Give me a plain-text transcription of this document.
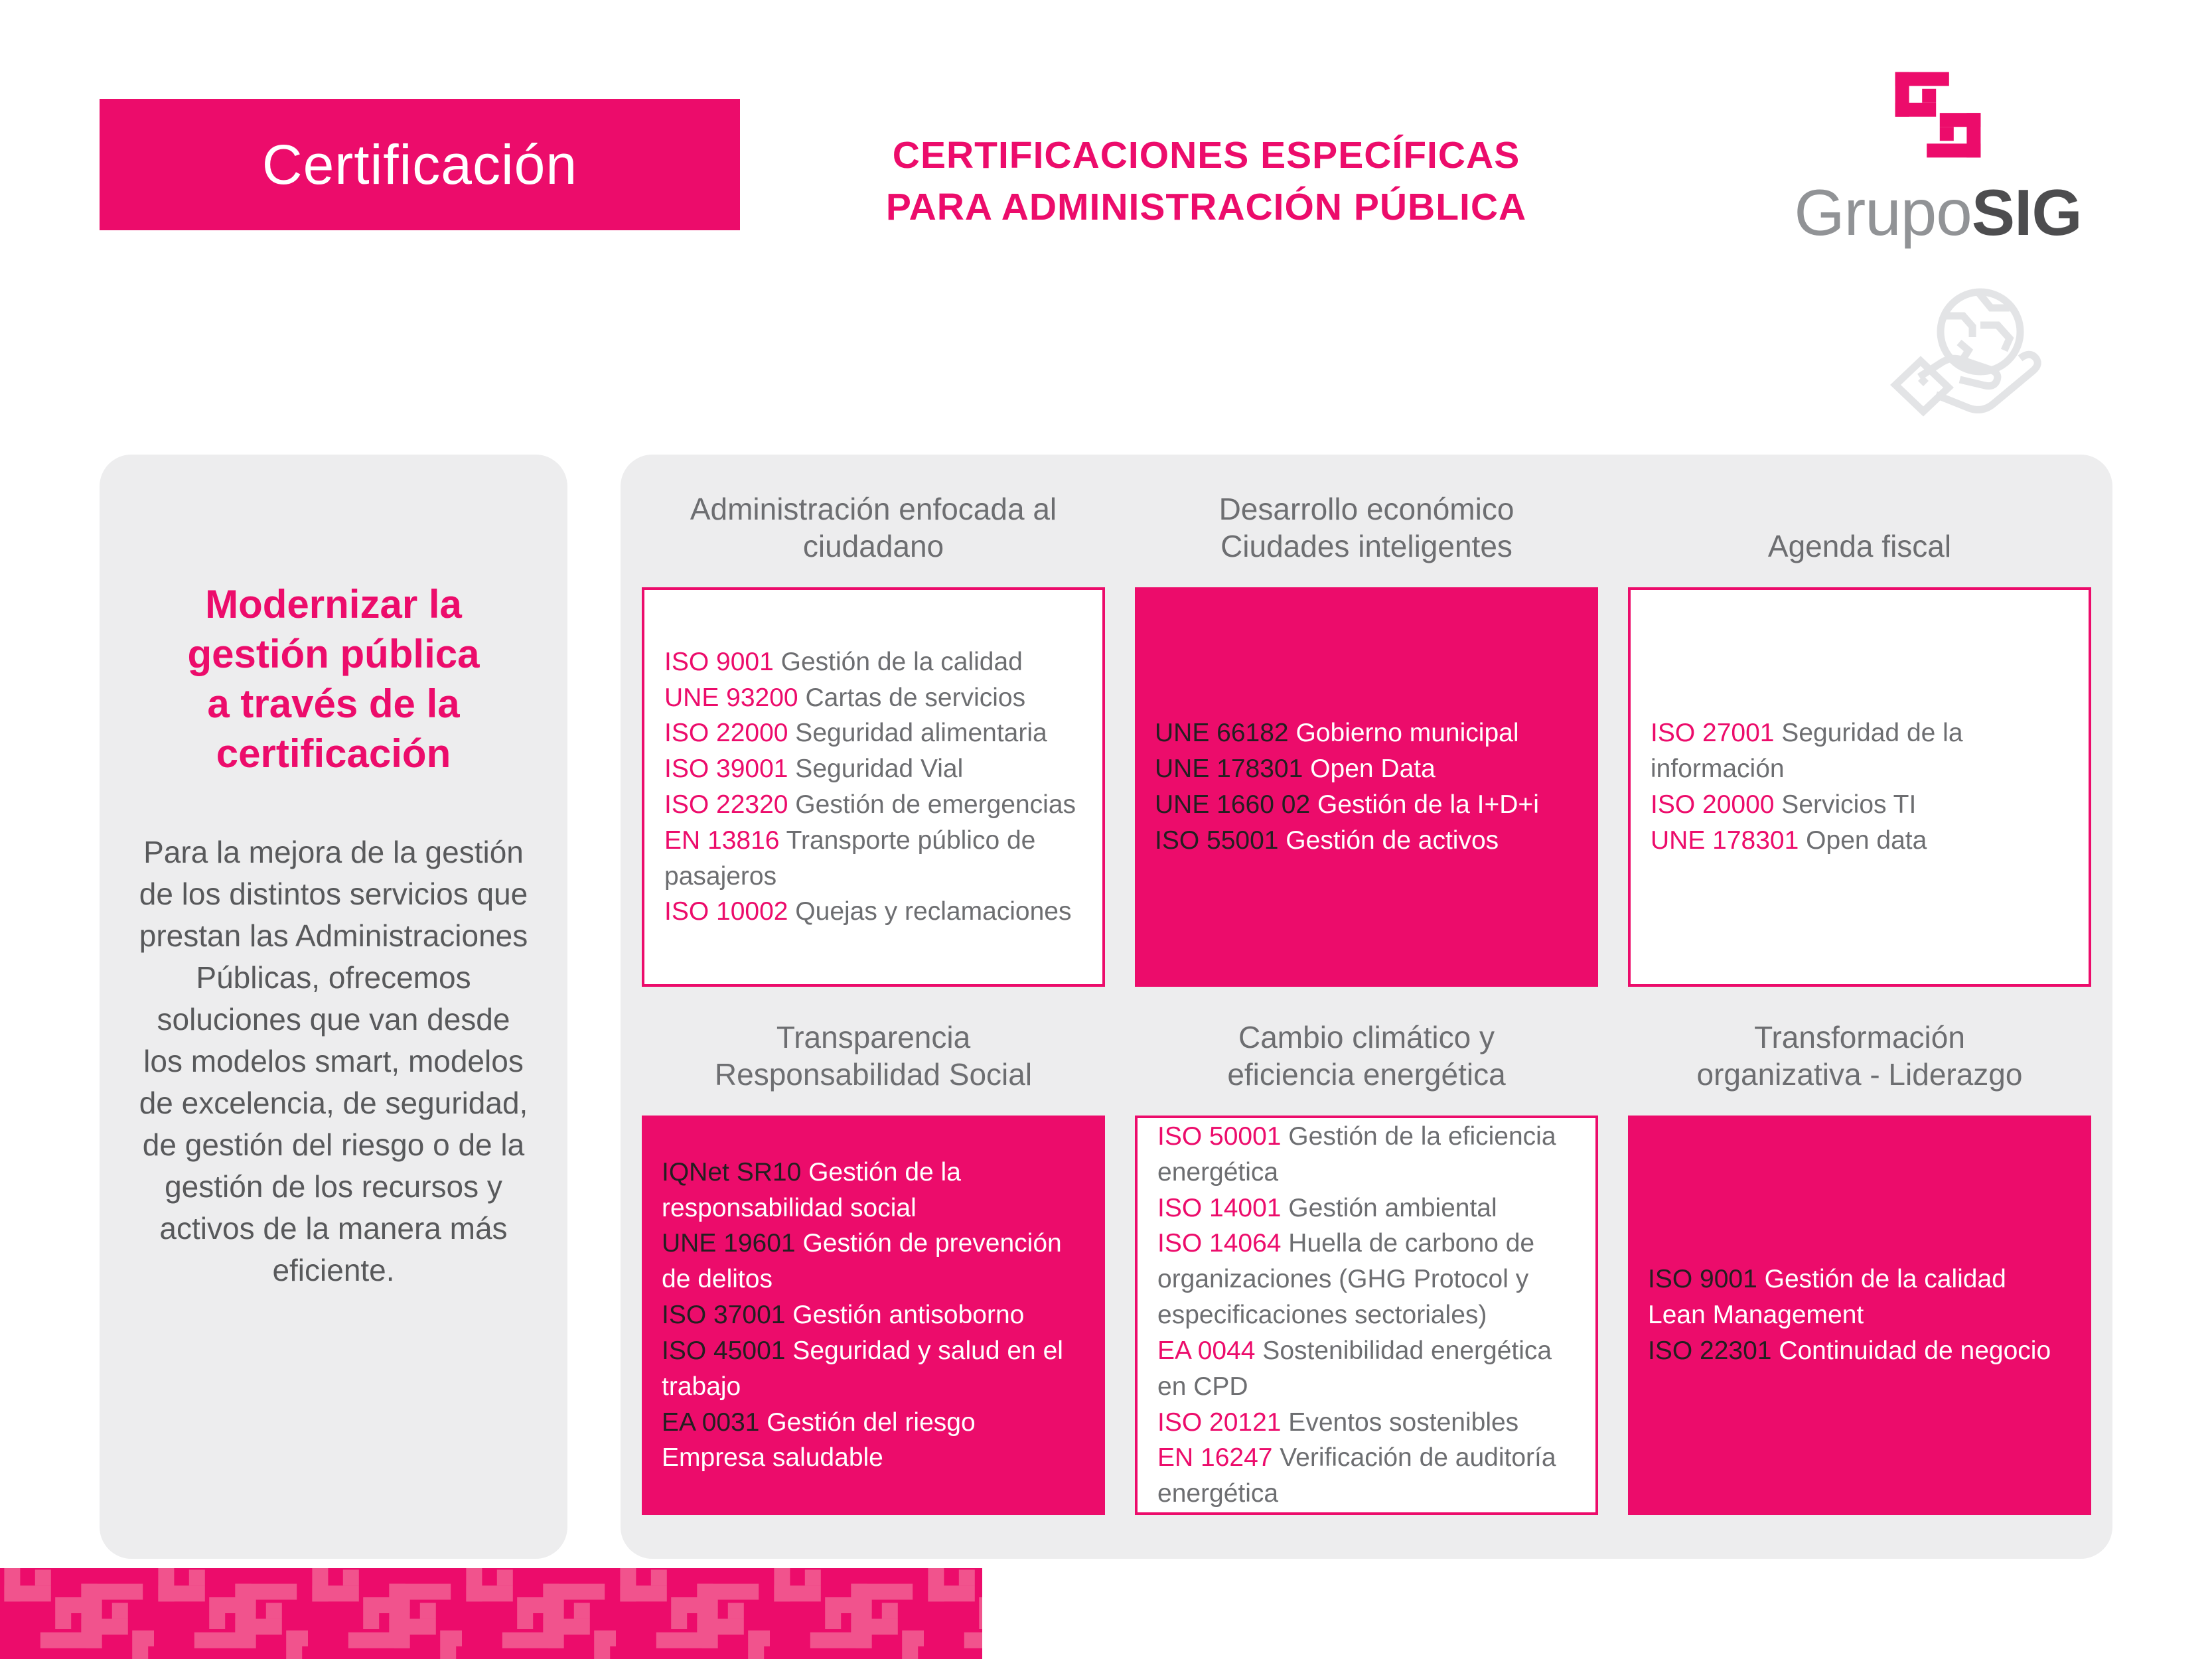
Certificación	CERTIFICACIONES ESPECÍFICAS
PARA ADMINISTRACIÓN PÚBLICA	GrupoSIG
Modernizar la
gestión pública
a través de la
certificación

Para la mejora de la gestión de los distintos servicios que prestan las Administraciones Públicas, ofrecemos soluciones que van desde los modelos smart, modelos de excelencia, de seguridad, de gestión del riesgo o de la gestión de los recursos y activos de la manera más eficiente.

Administración enfocada al
ciudadano
ISO 9001 Gestión de la calidad
UNE 93200 Cartas de servicios
ISO 22000 Seguridad alimentaria
ISO 39001 Seguridad Vial
ISO 22320 Gestión de emergencias
EN 13816 Transporte público de pasajeros
ISO 10002 Quejas y reclamaciones
Transparencia
Responsabilidad Social
IQNet SR10 Gestión de la responsabilidad social
UNE 19601 Gestión de prevención de delitos
ISO 37001 Gestión antisoborno
ISO 45001 Seguridad y salud en el trabajo
EA 0031 Gestión del riesgo
Empresa saludable
Desarrollo económico
Ciudades inteligentes
UNE 66182 Gobierno municipal
UNE 178301 Open Data
UNE 1660 02 Gestión de la I+D+i
ISO 55001 Gestión de activos
Cambio climático y
eficiencia energética
ISO 50001 Gestión de la eficiencia energética
ISO 14001 Gestión ambiental
ISO 14064 Huella de carbono de organizaciones (GHG Protocol y especificaciones sectoriales)
EA 0044 Sostenibilidad energética en CPD
ISO 20121 Eventos sostenibles
EN 16247 Verificación de auditoría energética
Agenda fiscal
ISO 27001 Seguridad de la información
ISO 20000 Servicios TI
UNE 178301 Open data
Transformación
organizativa - Liderazgo
ISO 9001 Gestión de la calidad
Lean Management
ISO 22301 Continuidad de negocio
